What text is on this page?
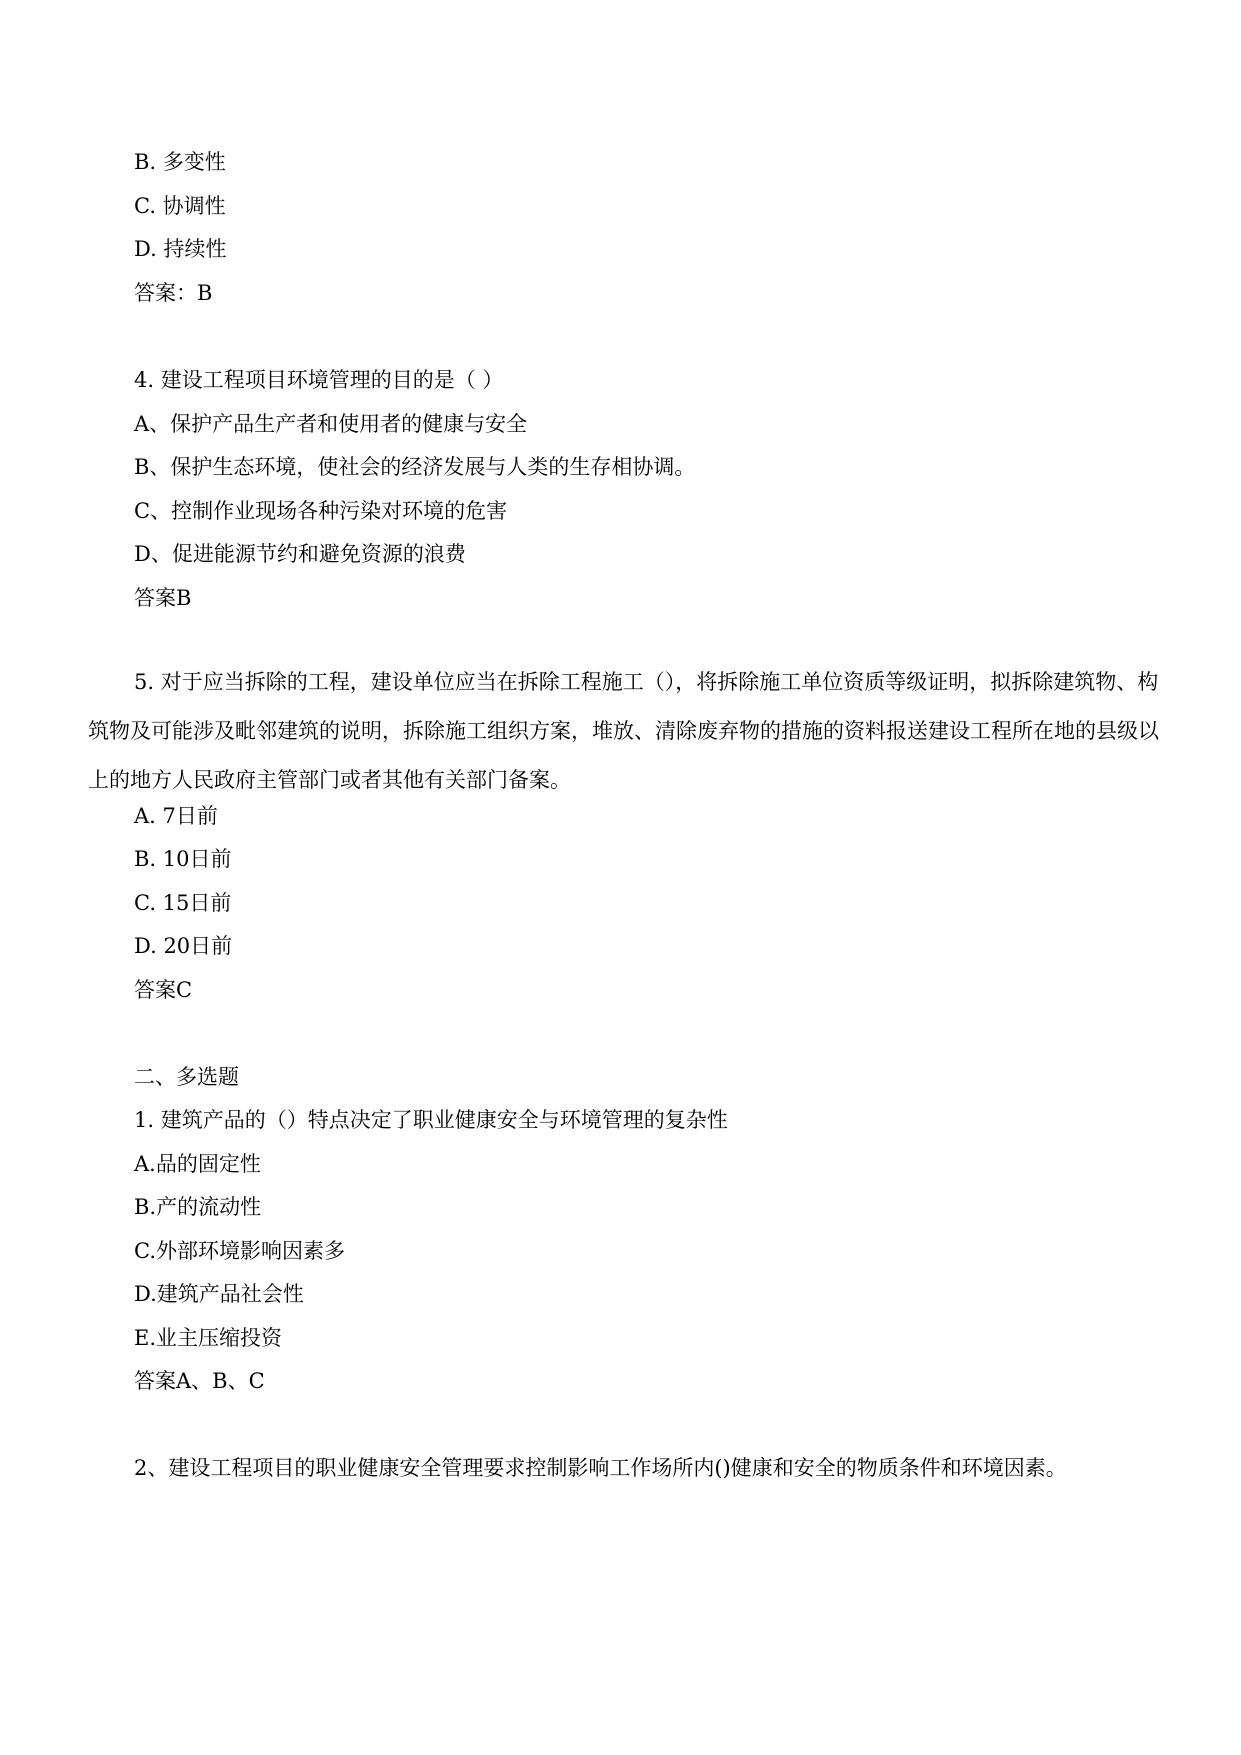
B. 多变性

C. 协调性

D. 持续性

答案：B

4. 建设工程项目环境管理的目的是（ ）

A、保护产品生产者和使用者的健康与安全

B、保护生态环境，使社会的经济发展与人类的生存相协调。

C、控制作业现场各种污染对环境的危害

D、促进能源节约和避免资源的浪费

答案B

5. 对于应当拆除的工程，建设单位应当在拆除工程施工（），将拆除施工单位资质等级证明，拟拆除建筑物、构筑物及可能涉及毗邻建筑的说明，拆除施工组织方案，堆放、清除废弃物的措施的资料报送建设工程所在地的县级以上的地方人民政府主管部门或者其他有关部门备案。

A. 7日前

B. 10日前

C. 15日前

D. 20日前

答案C

二、多选题

1. 建筑产品的（）特点决定了职业健康安全与环境管理的复杂性

A.品的固定性

B.产的流动性

C.外部环境影响因素多

D.建筑产品社会性

E.业主压缩投资

答案A、B、C

2、建设工程项目的职业健康安全管理要求控制影响工作场所内()健康和安全的物质条件和环境因素。
